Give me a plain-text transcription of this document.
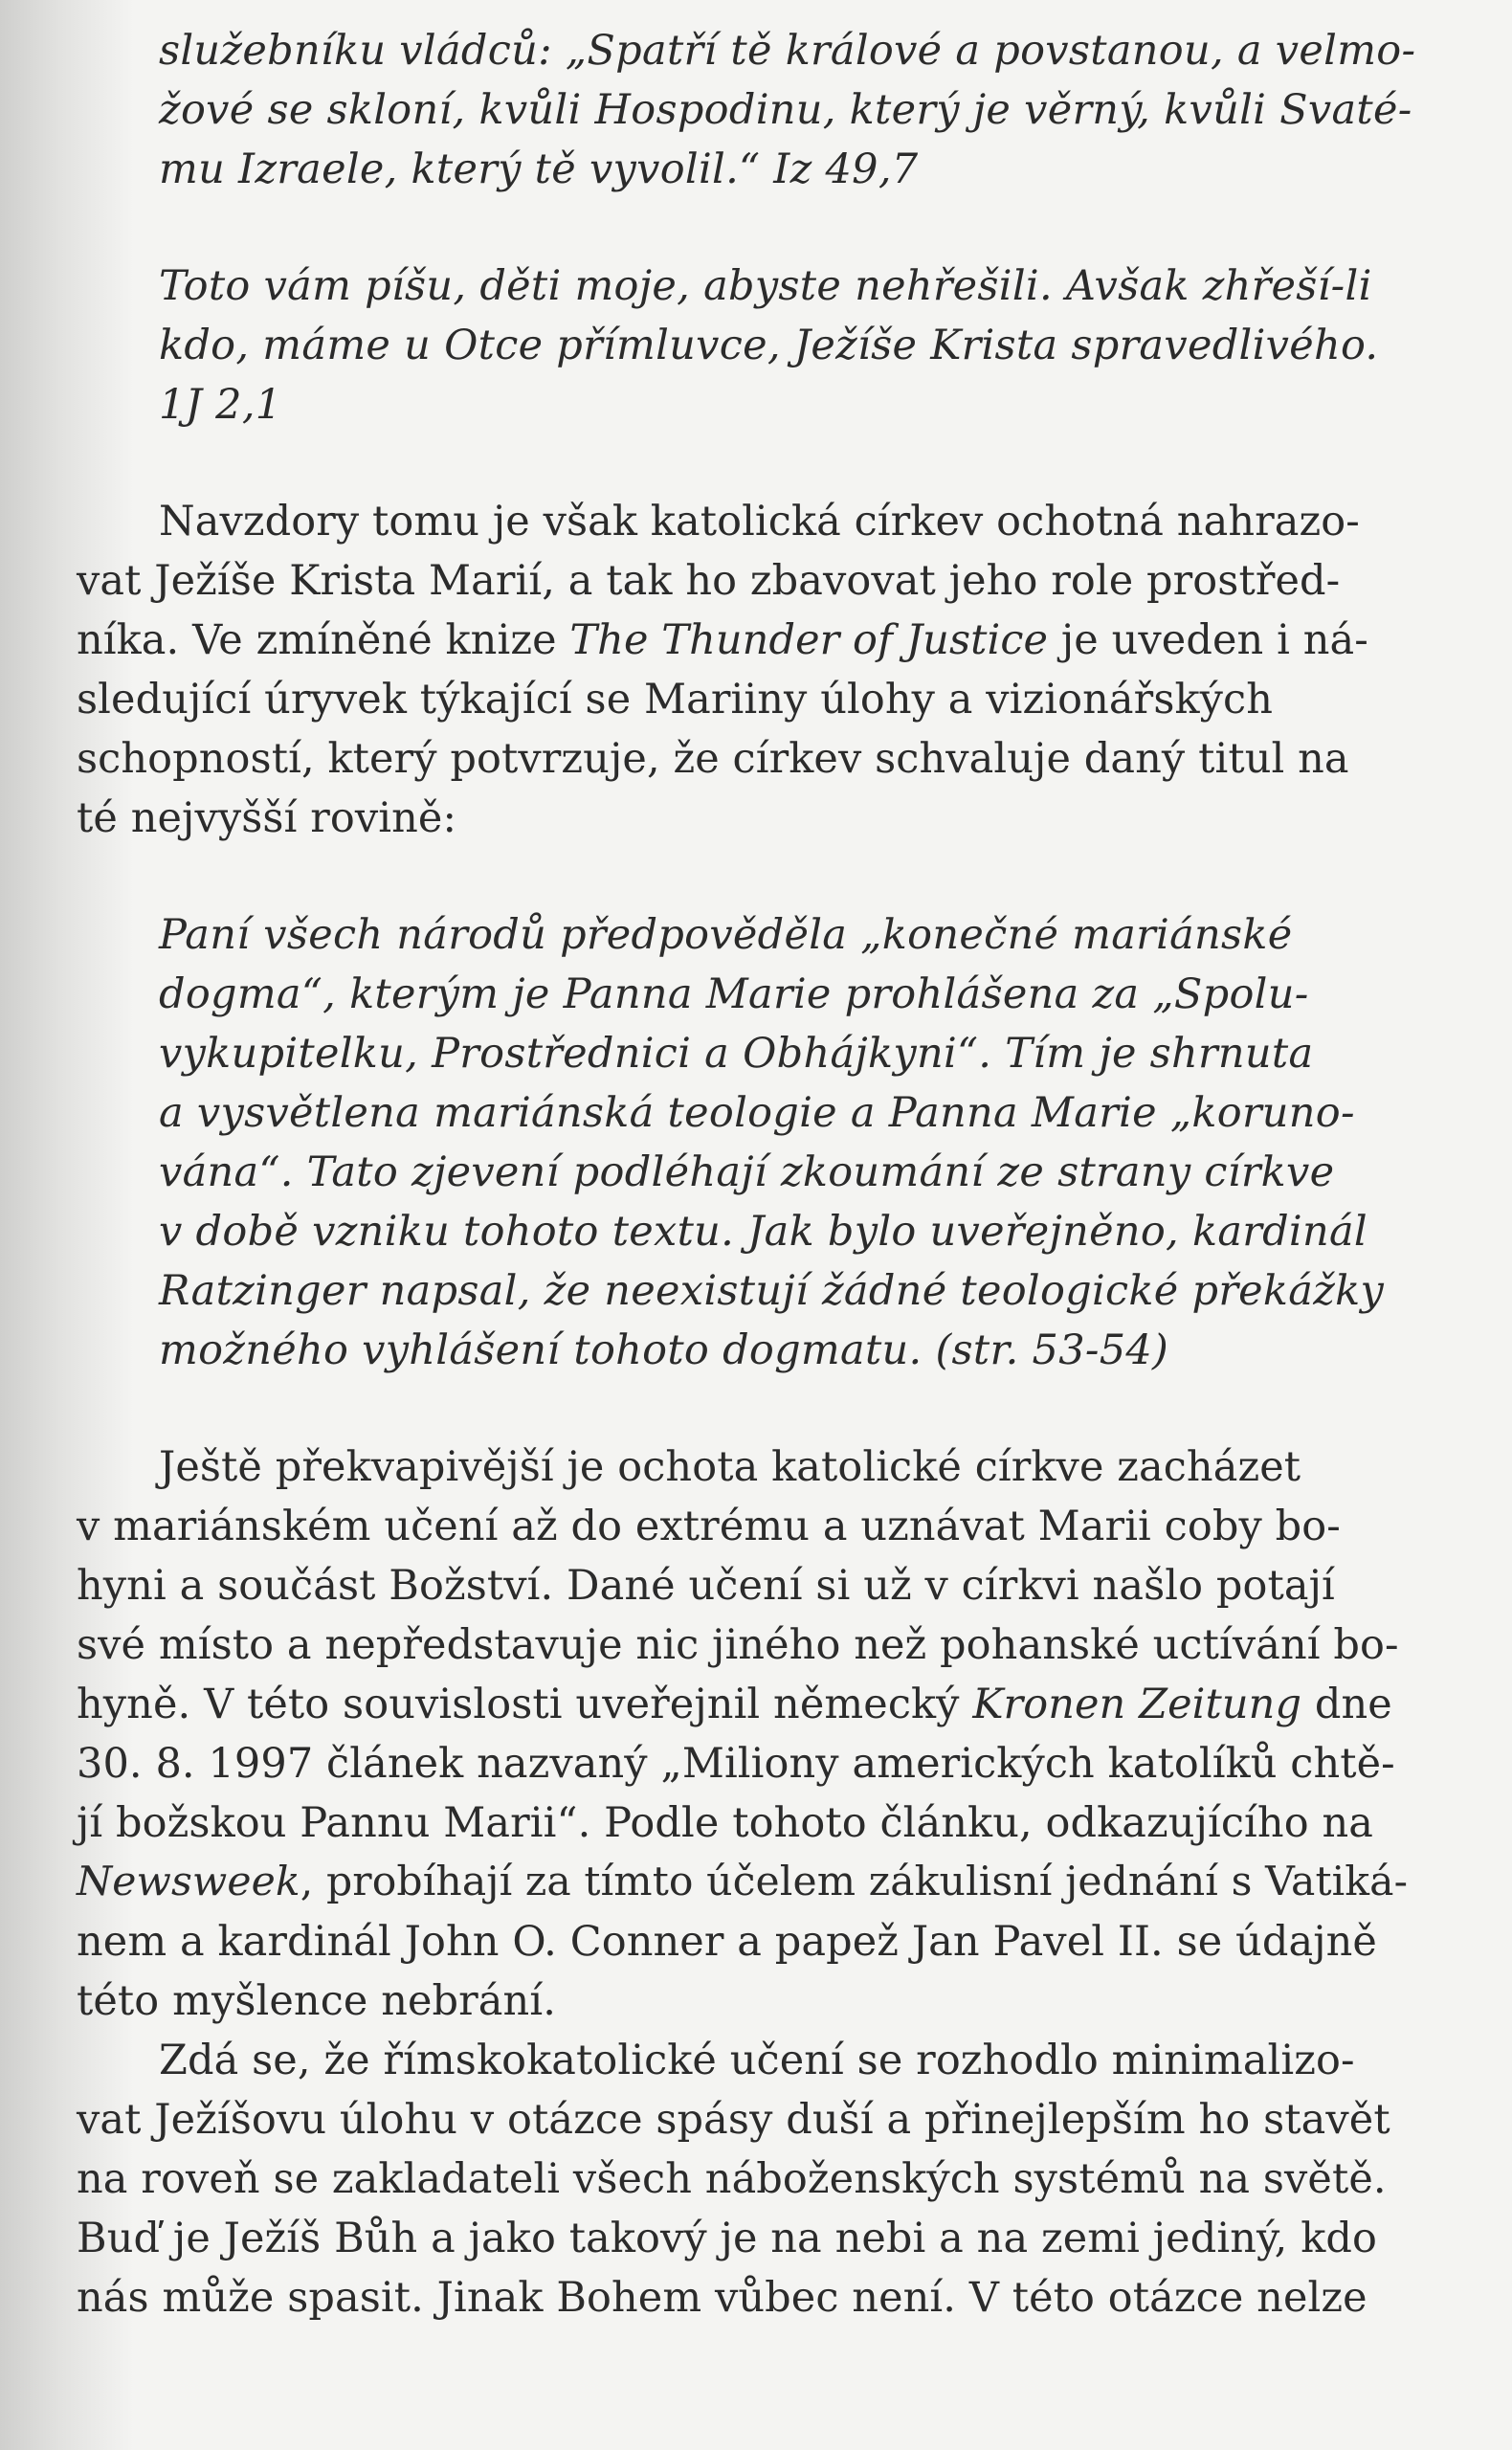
služebníku vládců: „Spatří tě králové a povstanou, a velmo-
žové se skloní, kvůli Hospodinu, který je věrný, kvůli Svaté-
mu Izraele, který tě vyvolil.“ Iz 49,7
Toto vám píšu, děti moje, abyste nehřešili. Avšak zhřeší-li
kdo, máme u Otce přímluvce, Ježíše Krista spravedlivého.
1J 2,1
Navzdory tomu je však katolická církev ochotná nahrazo-
vat Ježíše Krista Marií, a tak ho zbavovat jeho role prostřed-
níka. Ve zmíněné knize The Thunder of Justice je uveden i ná-
sledující úryvek týkající se Mariiny úlohy a vizionářských
schopností, který potvrzuje, že církev schvaluje daný titul na
té nejvyšší rovině:
Paní všech národů předpověděla „konečné mariánské
dogma“, kterým je Panna Marie prohlášena za „Spolu-
vykupitelku, Prostřednici a Obhájkyni“. Tím je shrnuta
a vysvětlena mariánská teologie a Panna Marie „koruno-
vána“. Tato zjevení podléhají zkoumání ze strany církve
v době vzniku tohoto textu. Jak bylo uveřejněno, kardinál
Ratzinger napsal, že neexistují žádné teologické překážky
možného vyhlášení tohoto dogmatu. (str. 53-54)
Ještě překvapivější je ochota katolické církve zacházet
v mariánském učení až do extrému a uznávat Marii coby bo-
hyni a součást Božství. Dané učení si už v církvi našlo potají
své místo a nepředstavuje nic jiného než pohanské uctívání bo-
hyně. V této souvislosti uveřejnil německý Kronen Zeitung dne
30. 8. 1997 článek nazvaný „Miliony amerických katolíků chtě-
jí božskou Pannu Marii“. Podle tohoto článku, odkazujícího na
Newsweek, probíhají za tímto účelem zákulisní jednání s Vatiká-
nem a kardinál John O. Conner a papež Jan Pavel II. se údajně
této myšlence nebrání.
Zdá se, že římskokatolické učení se rozhodlo minimalizo-
vat Ježíšovu úlohu v otázce spásy duší a přinejlepším ho stavět
na roveň se zakladateli všech náboženských systémů na světě.
Buď je Ježíš Bůh a jako takový je na nebi a na zemi jediný, kdo
nás může spasit. Jinak Bohem vůbec není. V této otázce nelze
